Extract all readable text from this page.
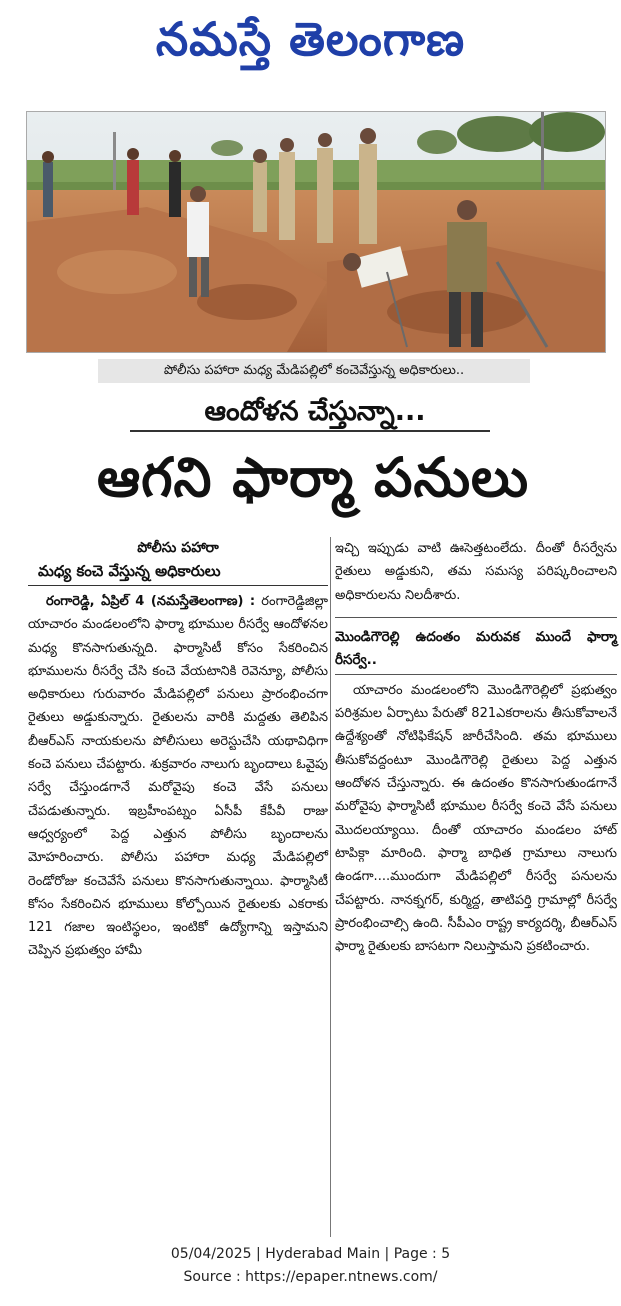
నమస్తే తెలంగాణ
పోలీసు పహారా మధ్య మేడిపల్లిలో కంచెవేస్తున్న అధికారులు..
ఆందోళన చేస్తున్నా...
ఆగని ఫార్మా పనులు
పోలీసు పహారా
మధ్య కంచె వేస్తున్న అధికారులు

రంగారెడ్డి, ఏప్రిల్ 4 (నమస్తేతెలంగాణ) : రంగారెడ్డిజిల్లా యాచారం మండలంలోని ఫార్మా భూముల రీసర్వే ఆందోళనల మధ్య కొనసాగుతున్నది. ఫార్మాసిటీ కోసం సేకరించిన భూములను రీసర్వే చేసి కంచె వేయటానికి రెవెన్యూ, పోలీసు అధికారులు గురువారం మేడిపల్లిలో పనులు ప్రారంభించగా రైతులు అడ్డుకున్నారు. రైతులను వారికి మద్దతు తెలిపిన బీఆర్ఎస్ నాయకులను పోలీసులు అరెస్టుచేసి యథావిధిగా కంచె పనులు చేపట్టారు. శుక్రవారం నాలుగు బృందాలు ఓవైపు సర్వే చేస్తుండగానే మరోవైపు కంచె వేసే పనులు చేపడుతున్నారు. ఇబ్రహీంపట్నం ఏసీపీ కేపీవీ రాజు ఆధ్వర్యంలో పెద్ద ఎత్తున పోలీసు బృందాలను మోహరించారు. పోలీసు పహారా మధ్య మేడిపల్లిలో రెండోరోజు కంచెవేసే పనులు కొనసాగుతున్నాయి. ఫార్మాసిటీ కోసం సేకరించిన భూములు కోల్పోయిన రైతులకు ఎకరాకు 121 గజాల ఇంటిస్థలం, ఇంటికో ఉద్యోగాన్ని ఇస్తామని చెప్పిన ప్రభుత్వం హామీ

ఇచ్చి ఇప్పుడు వాటి ఊసెత్తటంలేదు. దీంతో రీసర్వేను రైతులు అడ్డుకుని, తమ సమస్య పరిష్కరించాలని అధికారులను నిలదీశారు.

మొండిగౌరెల్లి ఉదంతం మరువక ముందే ఫార్మా రీసర్వే..

యాచారం మండలంలోని మొండిగౌరెల్లిలో ప్రభుత్వం పరిశ్రమల ఏర్పాటు పేరుతో 821ఎకరాలను తీసుకోవాలనే ఉద్దేశ్యంతో నోటిఫికేషన్ జారీచేసింది. తమ భూములు తీసుకోవద్దంటూ మొండిగౌరెల్లి రైతులు పెద్ద ఎత్తున ఆందోళన చేస్తున్నారు. ఈ ఉదంతం కొనసాగుతుండగానే మరోవైపు ఫార్మాసిటీ భూముల రీసర్వే కంచె వేసే పనులు మొదలయ్యాయి. దీంతో యాచారం మండలం హాట్ టాపిక్గా మారింది. ఫార్మా బాధిత గ్రామాలు నాలుగు ఉండగా....ముందుగా మేడిపల్లిలో రీసర్వే పనులను చేపట్టారు. నానక్నగర్, కుర్మిద్ద, తాటిపర్తి గ్రామాల్లో రీసర్వే ప్రారంభించాల్సి ఉంది. సీపీఎం రాష్ట్ర కార్యదర్శి, బీఆర్ఎస్ ఫార్మా రైతులకు బాసటగా నిలుస్తామని ప్రకటించారు.

05/04/2025 | Hyderabad Main | Page : 5
Source : https://epaper.ntnews.com/
